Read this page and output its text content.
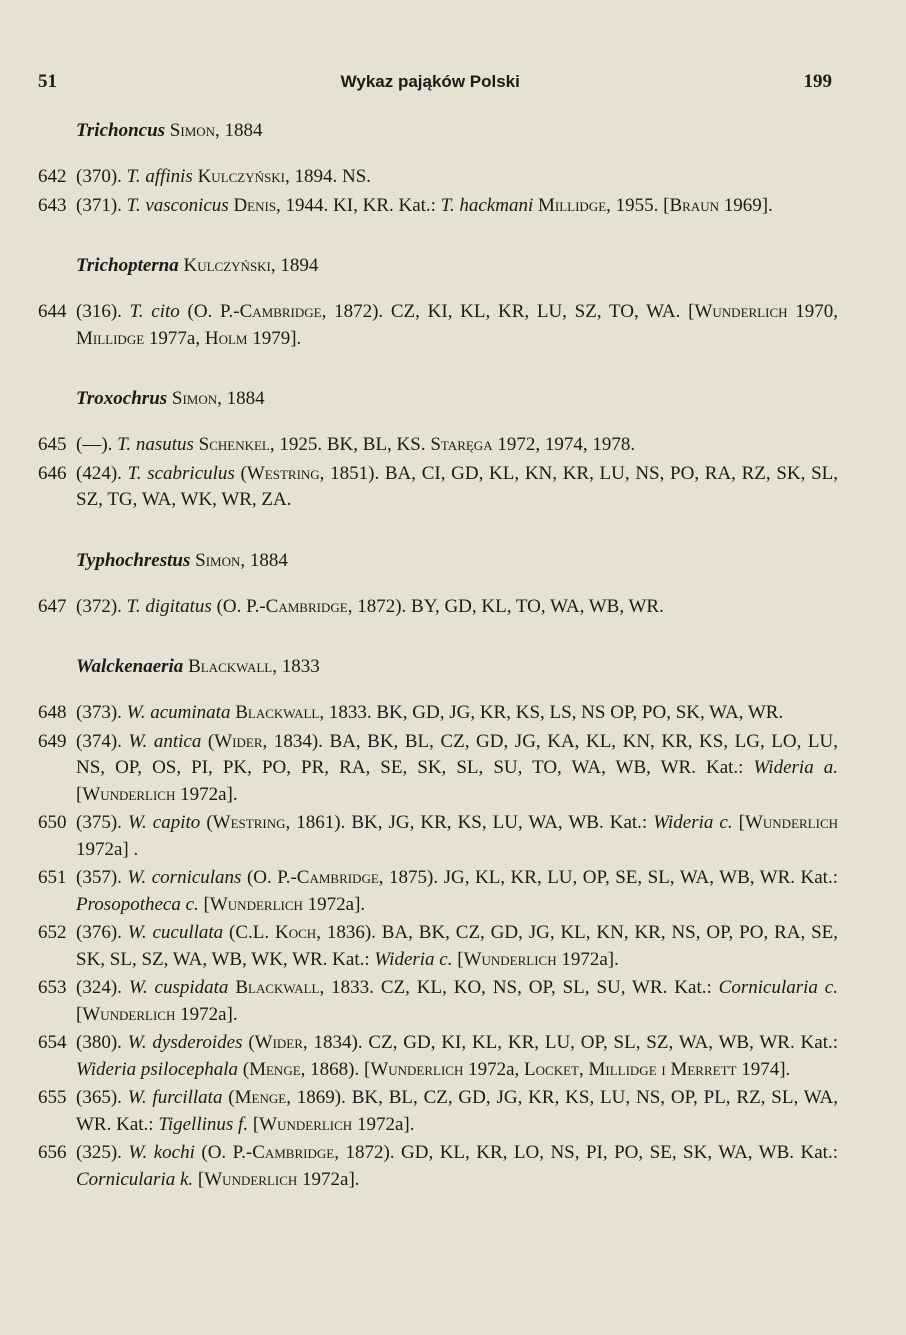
51	Wykaz pająków Polski	199
Trichoncus Simon, 1884
642 (370). T. affinis Kulczyński, 1894. NS.
643 (371). T. vasconicus Denis, 1944. KI, KR. Kat.: T. hackmani Millidge, 1955. [Braun 1969].
Trichopterna Kulczyński, 1894
644 (316). T. cito (O. P.-Cambridge, 1872). CZ, KI, KL, KR, LU, SZ, TO, WA. [Wunderlich 1970, Millidge 1977a, Holm 1979].
Troxochrus Simon, 1884
645 (—). T. nasutus Schenkel, 1925. BK, BL, KS. Staręga 1972, 1974, 1978.
646 (424). T. scabriculus (Westring, 1851). BA, CI, GD, KL, KN, KR, LU, NS, PO, RA, RZ, SK, SL, SZ, TG, WA, WK, WR, ZA.
Typhochrestus Simon, 1884
647 (372). T. digitatus (O. P.-Cambridge, 1872). BY, GD, KL, TO, WA, WB, WR.
Walckenaeria Blackwall, 1833
648 (373). W. acuminata Blackwall, 1833. BK, GD, JG, KR, KS, LS, NS OP, PO, SK, WA, WR.
649 (374). W. antica (Wider, 1834). BA, BK, BL, CZ, GD, JG, KA, KL, KN, KR, KS, LG, LO, LU, NS, OP, OS, PI, PK, PO, PR, RA, SE, SK, SL, SU, TO, WA, WB, WR. Kat.: Wideria a. [Wunderlich 1972a].
650 (375). W. capito (Westring, 1861). BK, JG, KR, KS, LU, WA, WB. Kat.: Wideria c. [Wunderlich 1972a] .
651 (357). W. corniculans (O. P.-Cambridge, 1875). JG, KL, KR, LU, OP, SE, SL, WA, WB, WR. Kat.: Prosopotheca c. [Wunderlich 1972a].
652 (376). W. cucullata (C.L. Koch, 1836). BA, BK, CZ, GD, JG, KL, KN, KR, NS, OP, PO, RA, SE, SK, SL, SZ, WA, WB, WK, WR. Kat.: Wideria c. [Wunderlich 1972a].
653 (324). W. cuspidata Blackwall, 1833. CZ, KL, KO, NS, OP, SL, SU, WR. Kat.: Cornicularia c. [Wunderlich 1972a].
654 (380). W. dysderoides (Wider, 1834). CZ, GD, KI, KL, KR, LU, OP, SL, SZ, WA, WB, WR. Kat.: Wideria psilocephala (Menge, 1868). [Wunderlich 1972a, Locket, Millidge i Merrett 1974].
655 (365). W. furcillata (Menge, 1869). BK, BL, CZ, GD, JG, KR, KS, LU, NS, OP, PL, RZ, SL, WA, WR. Kat.: Tigellinus f. [Wunderlich 1972a].
656 (325). W. kochi (O. P.-Cambridge, 1872). GD, KL, KR, LO, NS, PI, PO, SE, SK, WA, WB. Kat.: Cornicularia k. [Wunderlich 1972a].
